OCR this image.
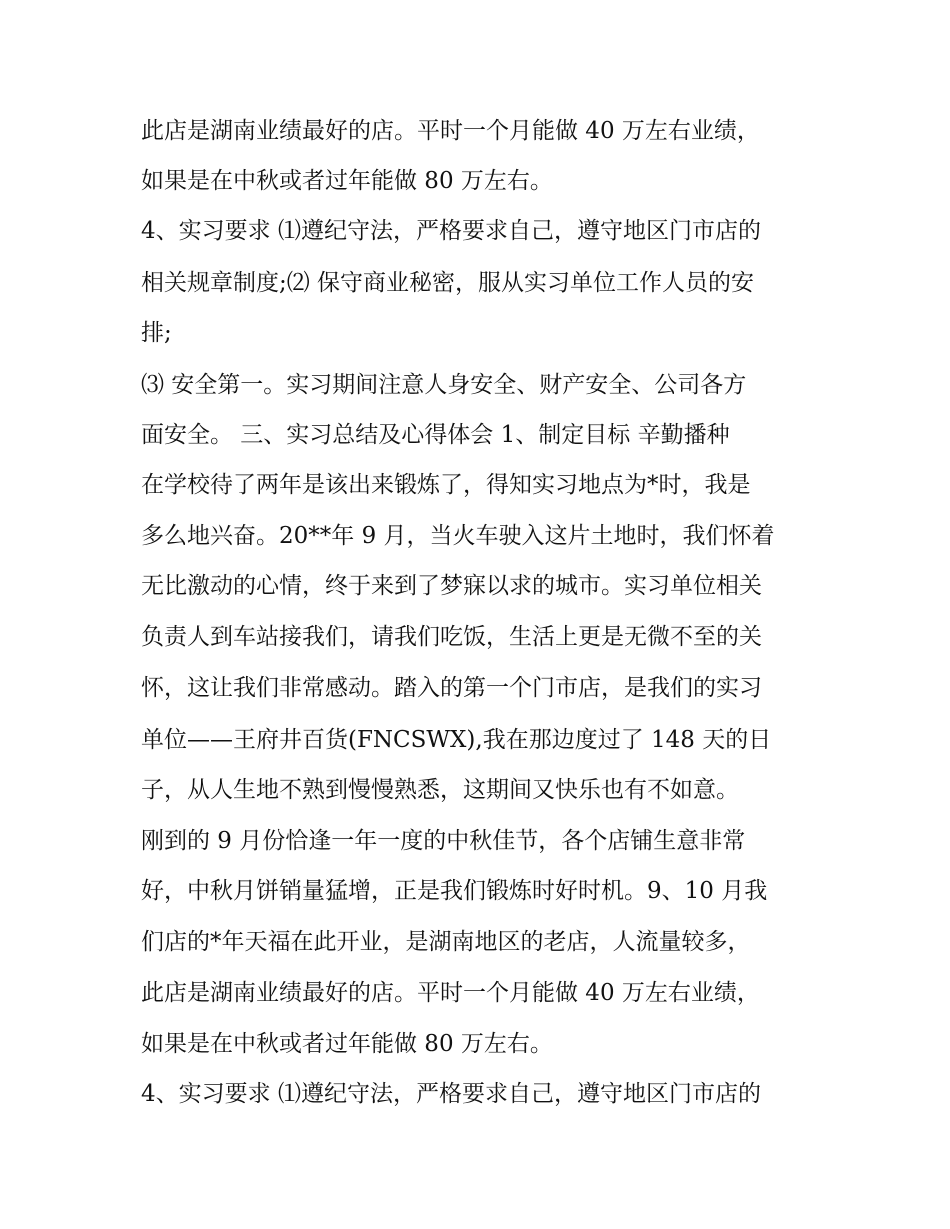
此店是湖南业绩最好的店。平时一个月能做 40 万左右业绩，
如果是在中秋或者过年能做 80 万左右。
4、实习要求 ⑴遵纪守法，严格要求自己，遵守地区门市店的
相关规章制度;⑵ 保守商业秘密，服从实习单位工作人员的安
排;
⑶ 安全第一。实习期间注意人身安全、财产安全、公司各方
面安全。 三、实习总结及心得体会 1、制定目标 辛勤播种
在学校待了两年是该出来锻炼了，得知实习地点为*时，我是
多么地兴奋。20**年 9 月，当火车驶入这片土地时，我们怀着
无比激动的心情，终于来到了梦寐以求的城市。实习单位相关
负责人到车站接我们，请我们吃饭，生活上更是无微不至的关
怀，这让我们非常感动。踏入的第一个门市店，是我们的实习
单位——王府井百货(FNCSWX),我在那边度过了 148 天的日
子，从人生地不熟到慢慢熟悉，这期间又快乐也有不如意。
刚到的 9 月份恰逢一年一度的中秋佳节，各个店铺生意非常
好，中秋月饼销量猛增，正是我们锻炼时好时机。9、10 月我
们店的*年天福在此开业，是湖南地区的老店，人流量较多，
此店是湖南业绩最好的店。平时一个月能做 40 万左右业绩，
如果是在中秋或者过年能做 80 万左右。
4、实习要求 ⑴遵纪守法，严格要求自己，遵守地区门市店的
